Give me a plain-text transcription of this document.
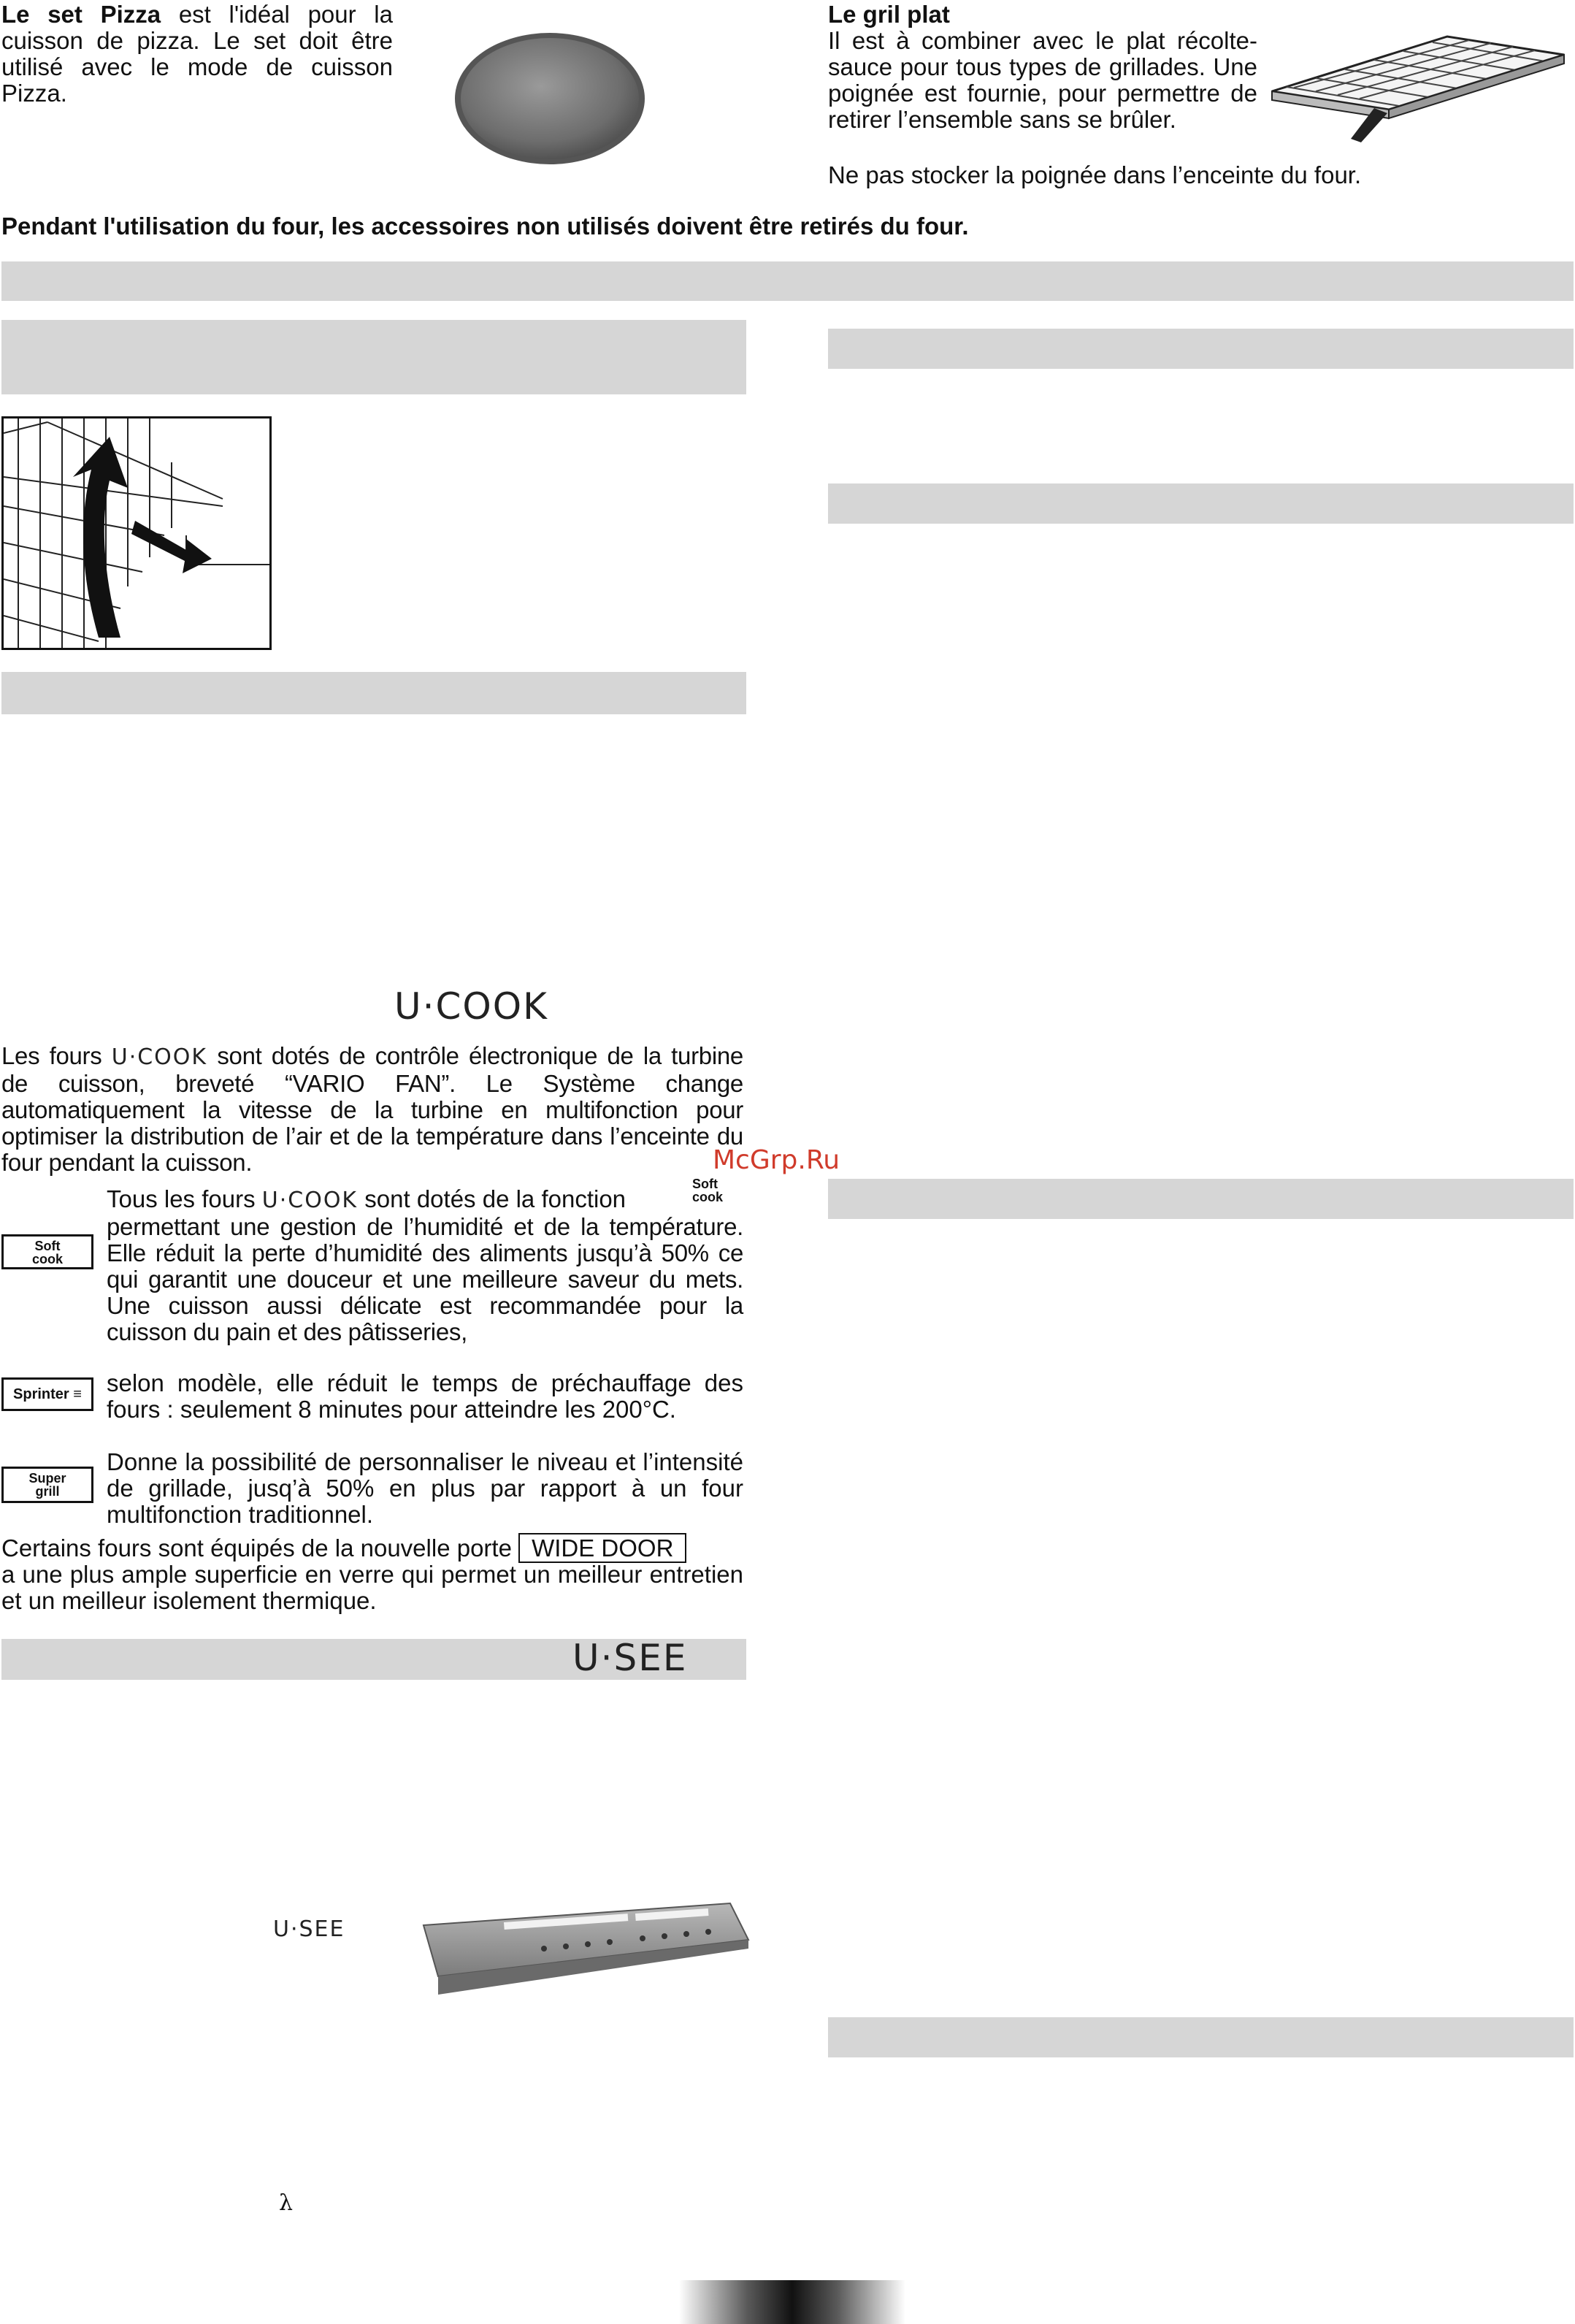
Le set Pizza est l'idéal pour la cuisson de pizza. Le set doit être utilisé avec le mode de cuisson Pizza.
Le gril plat
Il est à combiner avec le plat récolte-sauce pour tous types de grillades. Une poignée est fournie, pour permettre de retirer l’ensemble sans se brûler.
Ne pas stocker la poignée dans l’enceinte du four.
Pendant l'utilisation du four, les accessoires non utilisés doivent être retirés du four.
U·COOK
Les fours U·COOK sont dotés de contrôle électronique de la turbine de cuisson, breveté “VARIO FAN”. Le Système change automatiquement la vitesse de la turbine en multifonction pour optimiser la distribution de l’air et de la température dans l’enceinte du four pendant la cuisson.
Tous les fours U·COOK sont dotés de la fonction
Soft
cook
permettant une gestion de l’humidité et de la température. Elle réduit la perte d’humidité des aliments jusqu’à 50% ce qui garantit une douceur et une meilleure saveur du mets. Une cuisson aussi délicate est recommandée pour la cuisson du pain et des pâtisseries,
Soft
cook
Sprinter ≡	selon modèle, elle réduit le temps de préchauffage des fours : seulement 8 minutes pour atteindre les 200°C.
Super
grill
Donne la possibilité de personnaliser le niveau et l’intensité de grillade, jusq’à 50% en plus par rapport à un four multifonction traditionnel.
Certains fours sont équipés de la nouvelle porte WIDE DOOR
a une plus ample superficie en verre qui permet un meilleur entretien et un meilleur isolement thermique.
U·SEE
U·SEE
McGrp.Ru
λ
